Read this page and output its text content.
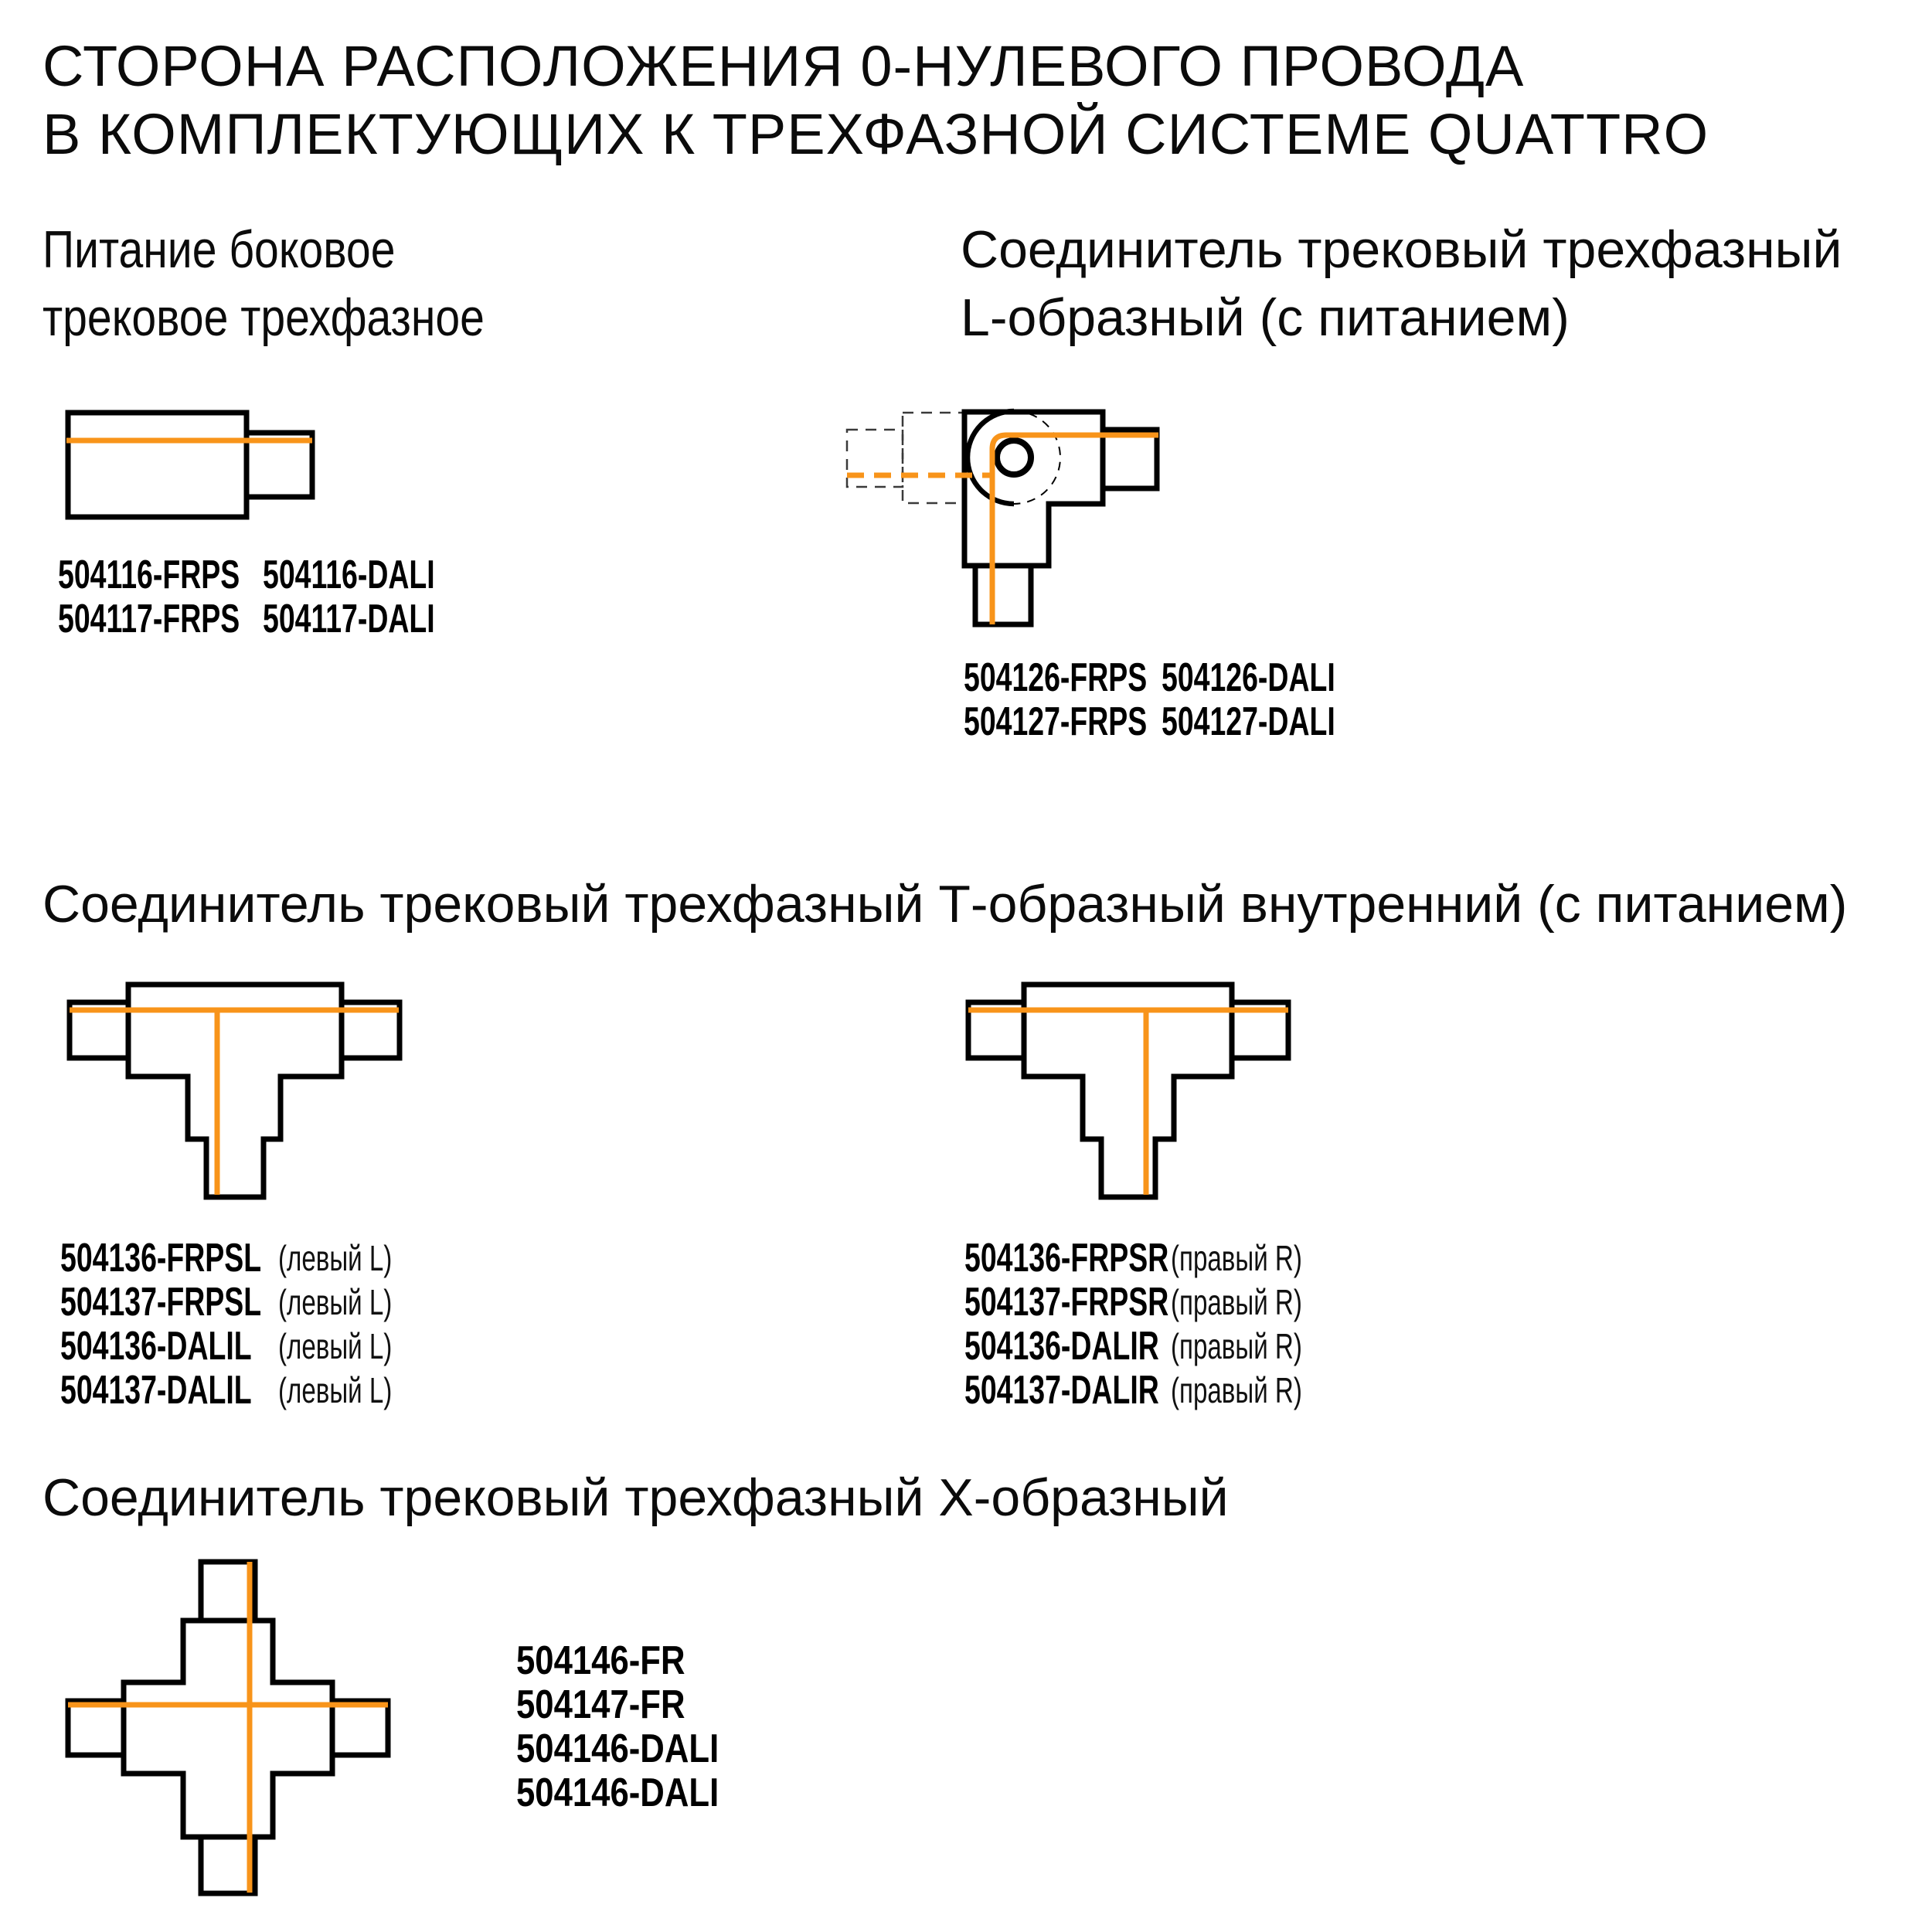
СТОРОНА РАСПОЛОЖЕНИЯ 0-НУЛЕВОГО ПРОВОДА
В КОМПЛЕКТУЮЩИХ К ТРЕХФАЗНОЙ СИСТЕМЕ QUATTRO
Питание боковое
трековое трехфазное
504116-FRPS
504117-FRPS
504116-DALI
504117-DALI
Соединитель трековый трехфазный
L-образный (с питанием)
504126-FRPS
504127-FRPS
504126-DALI
504127-DALI
Соединитель трековый трехфазный Т-образный внутренний (с питанием)
504136-FRPSL
504137-FRPSL
504136-DALIL
504137-DALIL
(левый L)
(левый L)
(левый L)
(левый L)
504136-FRPSR
504137-FRPSR
504136-DALIR
504137-DALIR
(правый R)
(правый R)
(правый R)
(правый R)
Соединитель трековый трехфазный Х-образный
504146-FR
504147-FR
504146-DALI
504146-DALI
